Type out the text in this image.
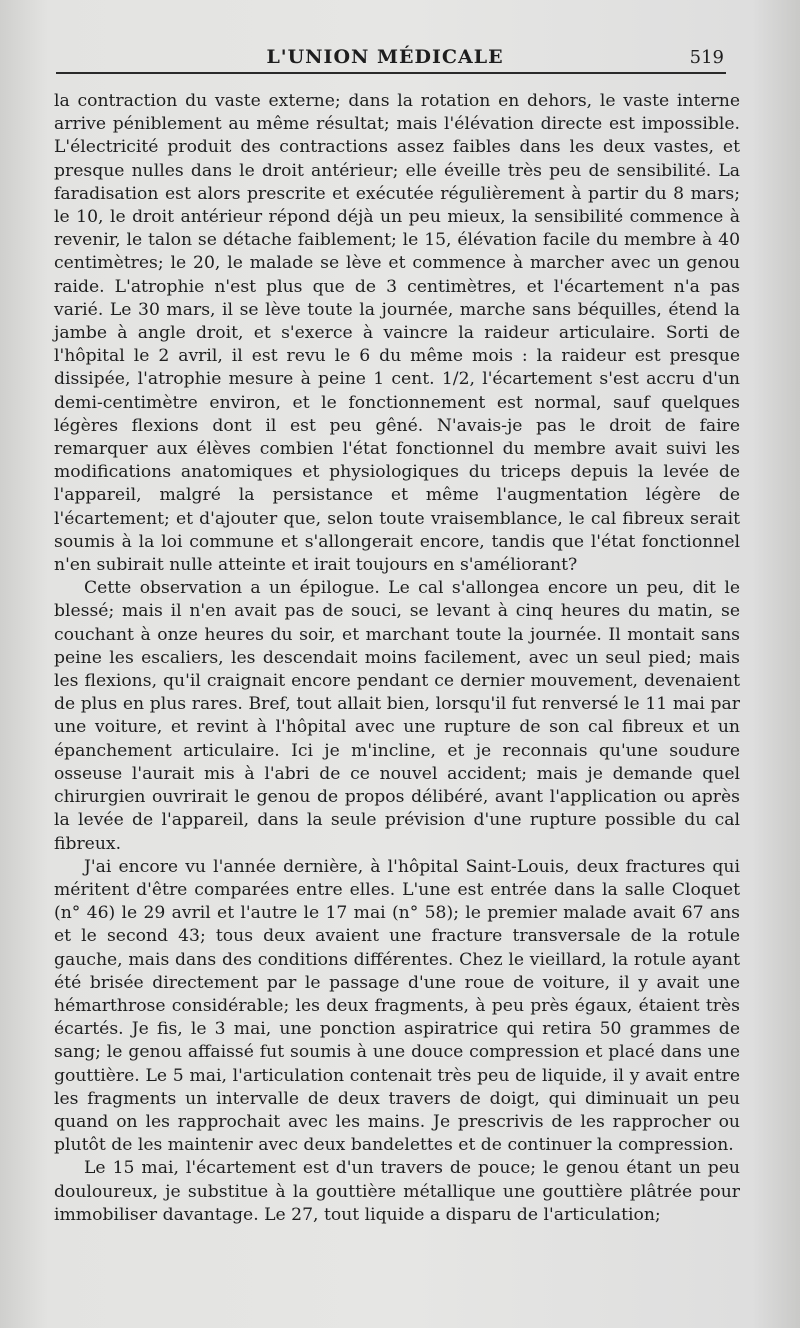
L'UNION MÉDICALE	519

la contraction du vaste externe; dans la rotation en dehors, le vaste interne arrive péniblement au même résultat; mais l'élévation directe est impossible. L'électricité produit des contractions assez faibles dans les deux vastes, et presque nulles dans le droit antérieur; elle éveille très peu de sensibilité. La faradisation est alors prescrite et exécutée régulièrement à partir du 8 mars; le 10, le droit antérieur répond déjà un peu mieux, la sensibilité commence à revenir, le talon se détache faiblement; le 15, élévation facile du membre à 40 centimètres; le 20, le malade se lève et commence à marcher avec un genou raide. L'atrophie n'est plus que de 3 centimètres, et l'écartement n'a pas varié. Le 30 mars, il se lève toute la journée, marche sans béquilles, étend la jambe à angle droit, et s'exerce à vaincre la raideur articulaire. Sorti de l'hôpital le 2 avril, il est revu le 6 du même mois : la raideur est presque dissipée, l'atrophie mesure à peine 1 cent. 1/2, l'écartement s'est accru d'un demi-centimètre environ, et le fonctionnement est normal, sauf quelques légères flexions dont il est peu gêné. N'avais-je pas le droit de faire remarquer aux élèves combien l'état fonctionnel du membre avait suivi les modifications anatomiques et physiologiques du triceps depuis la levée de l'appareil, malgré la persistance et même l'augmentation légère de l'écartement; et d'ajouter que, selon toute vraisemblance, le cal fibreux serait soumis à la loi commune et s'allongerait encore, tandis que l'état fonctionnel n'en subirait nulle atteinte et irait toujours en s'améliorant?

Cette observation a un épilogue. Le cal s'allongea encore un peu, dit le blessé; mais il n'en avait pas de souci, se levant à cinq heures du matin, se couchant à onze heures du soir, et marchant toute la journée. Il montait sans peine les escaliers, les descendait moins facilement, avec un seul pied; mais les flexions, qu'il craignait encore pendant ce dernier mouvement, devenaient de plus en plus rares. Bref, tout allait bien, lorsqu'il fut renversé le 11 mai par une voiture, et revint à l'hôpital avec une rupture de son cal fibreux et un épanchement articulaire. Ici je m'incline, et je reconnais qu'une soudure osseuse l'aurait mis à l'abri de ce nouvel accident; mais je demande quel chirurgien ouvrirait le genou de propos délibéré, avant l'application ou après la levée de l'appareil, dans la seule prévision d'une rupture possible du cal fibreux.

J'ai encore vu l'année dernière, à l'hôpital Saint-Louis, deux fractures qui méritent d'être comparées entre elles. L'une est entrée dans la salle Cloquet (n° 46) le 29 avril et l'autre le 17 mai (n° 58); le premier malade avait 67 ans et le second 43; tous deux avaient une fracture transversale de la rotule gauche, mais dans des conditions différentes. Chez le vieillard, la rotule ayant été brisée directement par le passage d'une roue de voiture, il y avait une hémarthrose considérable; les deux fragments, à peu près égaux, étaient très écartés. Je fis, le 3 mai, une ponction aspiratrice qui retira 50 grammes de sang; le genou affaissé fut soumis à une douce compression et placé dans une gouttière. Le 5 mai, l'articulation contenait très peu de liquide, il y avait entre les fragments un intervalle de deux travers de doigt, qui diminuait un peu quand on les rapprochait avec les mains. Je prescrivis de les rapprocher ou plutôt de les maintenir avec deux bandelettes et de continuer la compression.

Le 15 mai, l'écartement est d'un travers de pouce; le genou étant un peu douloureux, je substitue à la gouttière métallique une gouttière plâtrée pour immobiliser davantage. Le 27, tout liquide a disparu de l'articulation;
